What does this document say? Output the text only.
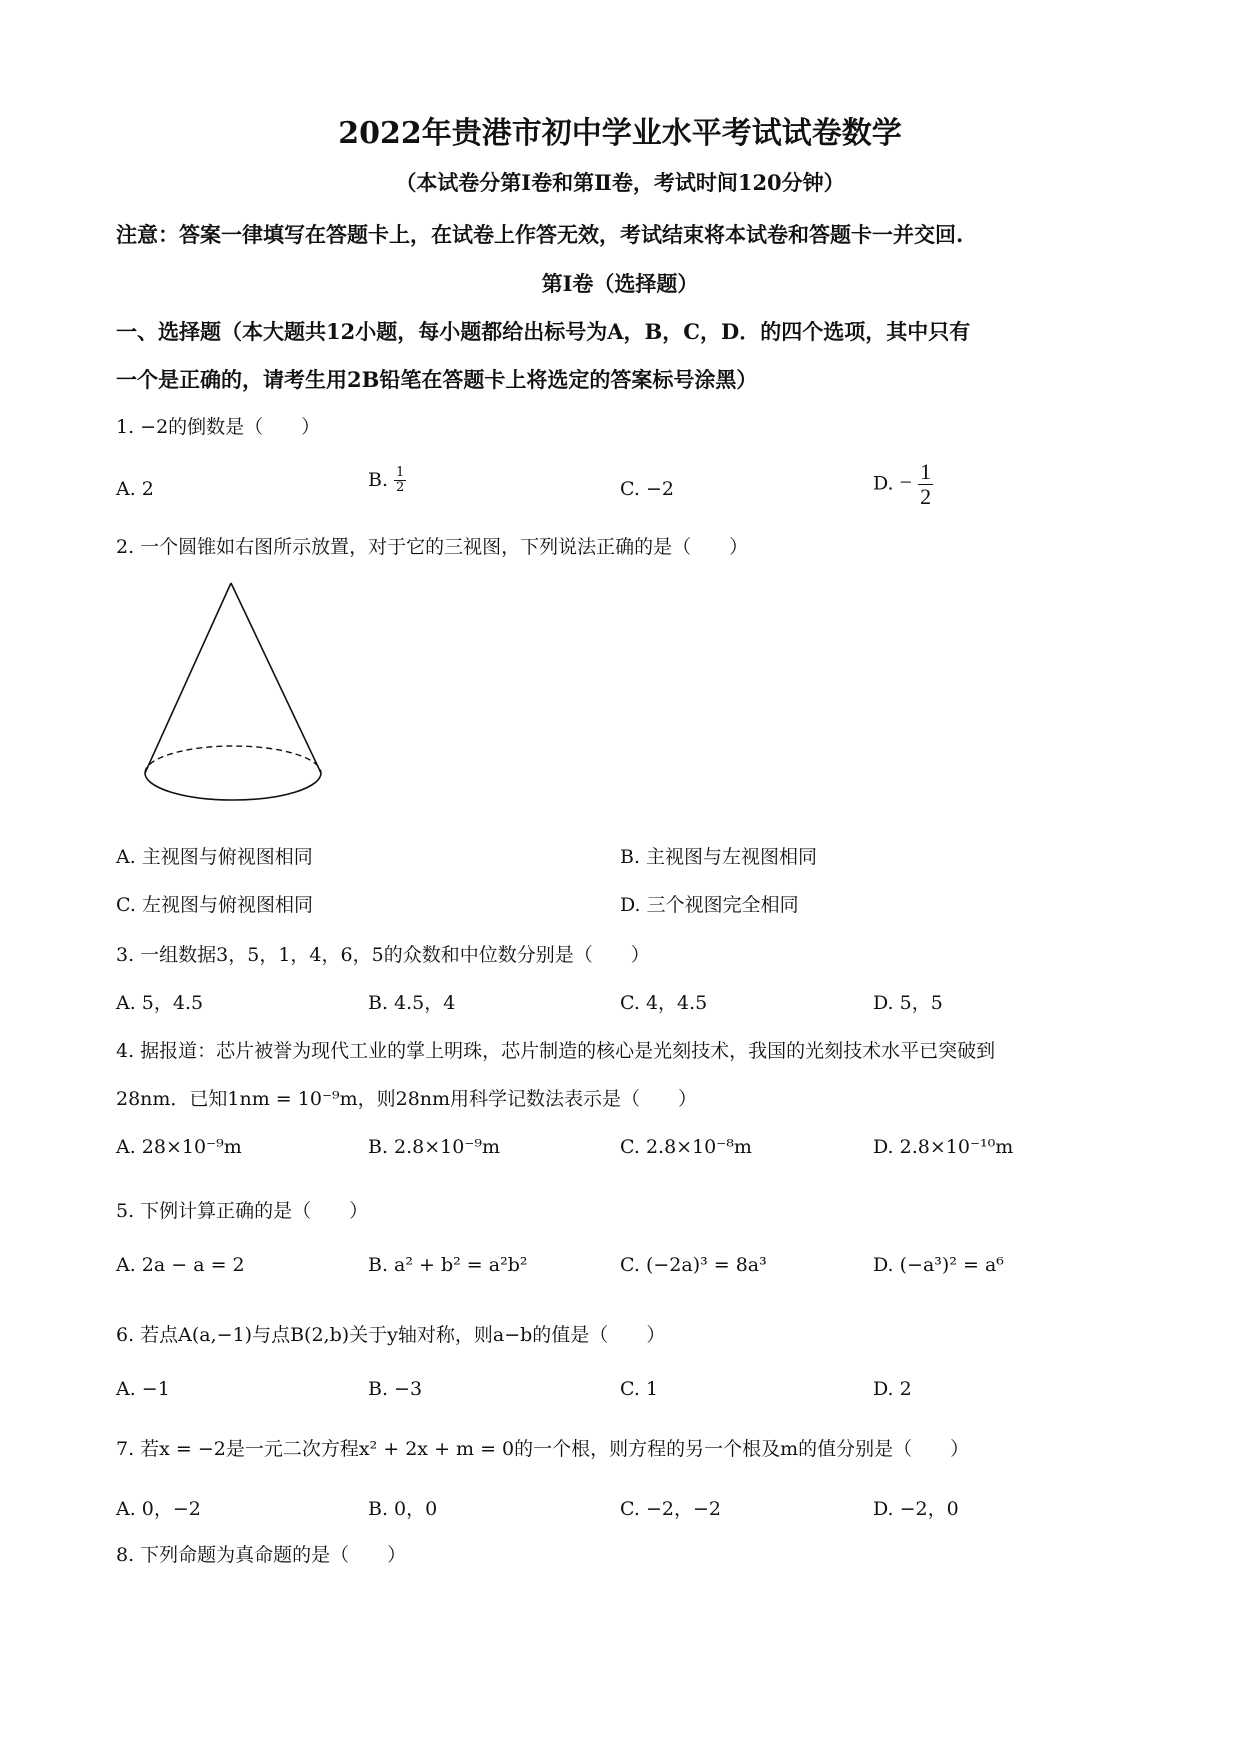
2022年贵港市初中学业水平考试试卷数学
（本试卷分第Ⅰ卷和第Ⅱ卷，考试时间120分钟）
注意：答案一律填写在答题卡上，在试卷上作答无效，考试结束将本试卷和答题卡一并交回.
第Ⅰ卷（选择题）
一、选择题（本大题共12小题，每小题都给出标号为A，B，C，D．的四个选项，其中只有
一个是正确的，请考生用2B铅笔在答题卡上将选定的答案标号涂黑）
1. −2的倒数是（　　）
A. 2	B. $\frac{1}{2}$	C. −2	D. − $\frac{1}{2}$
2. 一个圆锥如右图所示放置，对于它的三视图，下列说法正确的是（　　）
A. 主视图与俯视图相同	B. 主视图与左视图相同
C. 左视图与俯视图相同	D. 三个视图完全相同
3. 一组数据3，5，1，4，6，5的众数和中位数分别是（　　）
A. 5，4.5	B. 4.5，4	C. 4，4.5	D. 5，5
4. 据报道：芯片被誉为现代工业的掌上明珠，芯片制造的核心是光刻技术，我国的光刻技术水平已突破到
28nm．已知1nm = 10⁻⁹m，则28nm用科学记数法表示是（　　）
A. 28×10⁻⁹m	B. 2.8×10⁻⁹m	C. 2.8×10⁻⁸m	D. 2.8×10⁻¹⁰m
5. 下例计算正确的是（　　）
A. 2a − a = 2	B. a² + b² = a²b²	C. (−2a)³ = 8a³	D. (−a³)² = a⁶
6. 若点A(a,−1)与点B(2,b)关于y轴对称，则a−b的值是（　　）
A. −1	B. −3	C. 1	D. 2
7. 若x = −2是一元二次方程x² + 2x + m = 0的一个根，则方程的另一个根及m的值分别是（　　）
A. 0，−2	B. 0，0	C. −2，−2	D. −2，0
8. 下列命题为真命题的是（　　）
